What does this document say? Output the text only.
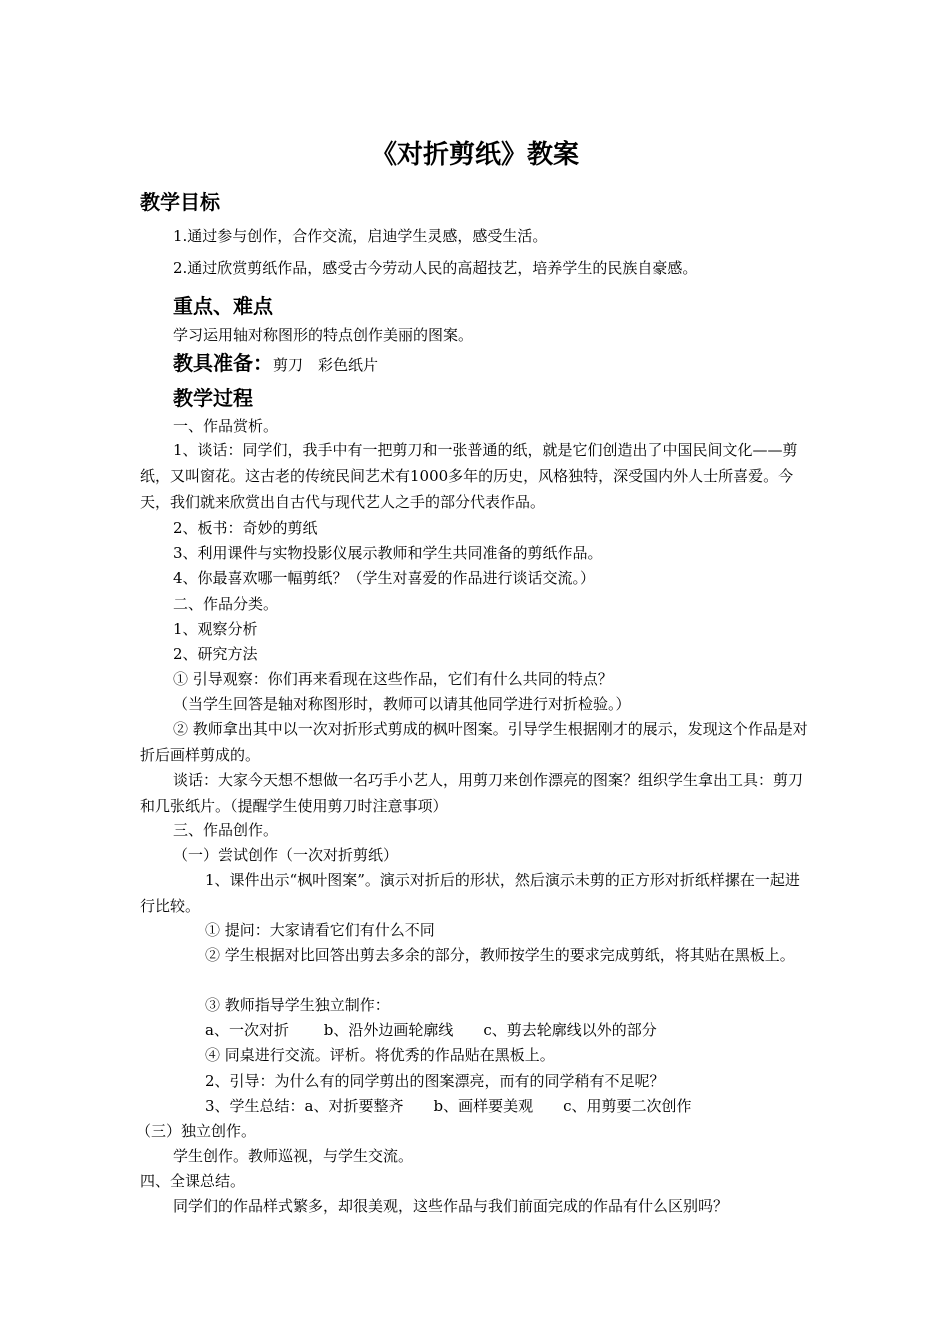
《对折剪纸》教案
教学目标
1.通过参与创作，合作交流，启迪学生灵感，感受生活。
2.通过欣赏剪纸作品，感受古今劳动人民的高超技艺，培养学生的民族自豪感。
重点、难点
学习运用轴对称图形的特点创作美丽的图案。
教具准备：剪刀　彩色纸片
教学过程
一、作品赏析。
1、谈话：同学们，我手中有一把剪刀和一张普通的纸，就是它们创造出了中国民间文化——剪纸，又叫窗花。这古老的传统民间艺术有1000多年的历史，风格独特，深受国内外人士所喜爱。今天，我们就来欣赏出自古代与现代艺人之手的部分代表作品。
2、板书：奇妙的剪纸
3、利用课件与实物投影仪展示教师和学生共同准备的剪纸作品。
4、你最喜欢哪一幅剪纸？（学生对喜爱的作品进行谈话交流。）
二、作品分类。
1、观察分析
2、研究方法
① 引导观察：你们再来看现在这些作品，它们有什么共同的特点？
（当学生回答是轴对称图形时，教师可以请其他同学进行对折检验。）
② 教师拿出其中以一次对折形式剪成的枫叶图案。引导学生根据刚才的展示，发现这个作品是对折后画样剪成的。
谈话：大家今天想不想做一名巧手小艺人，用剪刀来创作漂亮的图案？组织学生拿出工具：剪刀和几张纸片。（提醒学生使用剪刀时注意事项）
三、作品创作。
（一）尝试创作（一次对折剪纸）
1、课件出示“枫叶图案”。演示对折后的形状，然后演示未剪的正方形对折纸样摞在一起进行比较。
① 提问：大家请看它们有什么不同
② 学生根据对比回答出剪去多余的部分，教师按学生的要求完成剪纸，将其贴在黑板上。
③ 教师指导学生独立制作：
a、一次对折　　 b、沿外边画轮廓线　　c、剪去轮廓线以外的部分
④ 同桌进行交流。评析。将优秀的作品贴在黑板上。
2、引导：为什么有的同学剪出的图案漂亮，而有的同学稍有不足呢？
3、学生总结：a、对折要整齐　　b、画样要美观　　c、用剪要二次创作
（三）独立创作。
学生创作。教师巡视，与学生交流。
四、全课总结。
同学们的作品样式繁多，却很美观，这些作品与我们前面完成的作品有什么区别吗？
